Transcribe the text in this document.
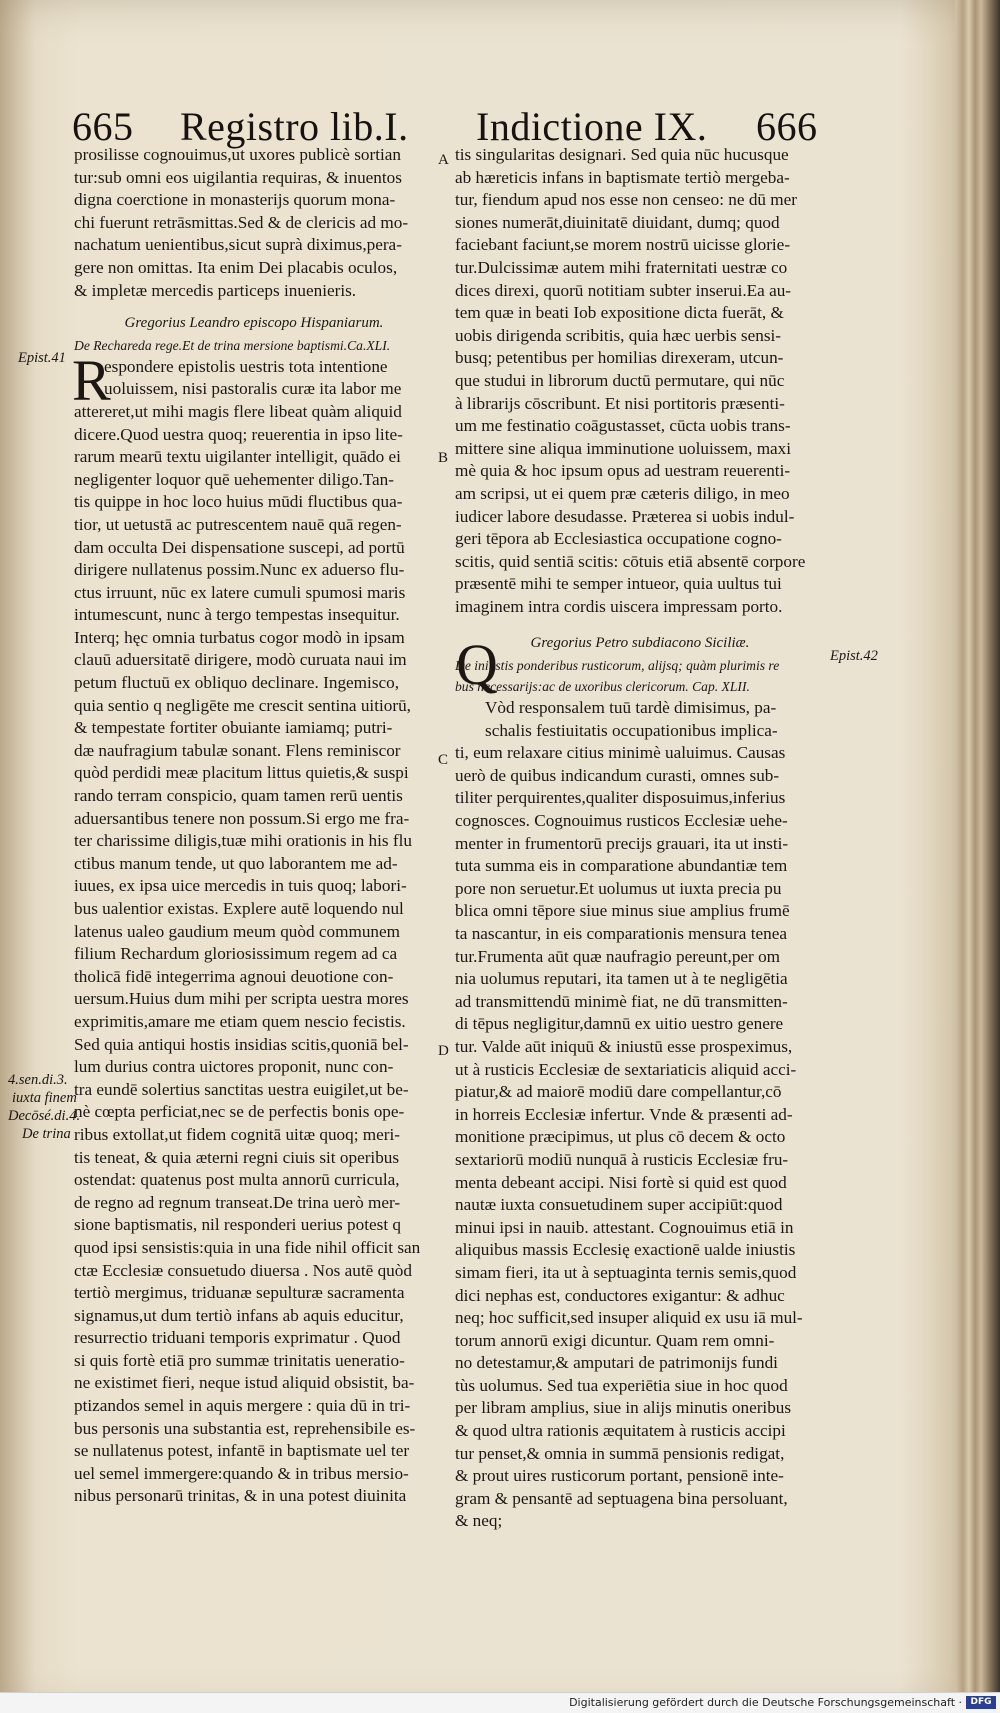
665 Registro lib.I. Indictione IX. 666
prosilisse cognouimus,ut uxores publicè sortian
tur:sub omni eos uigilantia requiras, & inuentos
digna coerctione in monasterijs quorum mona-
chi fuerunt retrāsmittas.Sed & de clericis ad mo-
nachatum uenientibus,sicut suprà diximus,pera-
gere non omittas. Ita enim Dei placabis oculos,
& impletæ mercedis particeps inuenieris.
Gregorius Leandro episcopo Hispaniarum.
De Rechareda rege.Et de trina mersione baptismi.Ca.XLI.
espondere epistolis uestris tota intentione
uoluissem, nisi pastoralis curæ ita labor me
attereret,ut mihi magis flere libeat quàm aliquid
dicere.Quod uestra quoq; reuerentia in ipso lite-
rarum mearū textu uigilanter intelligit, quādo ei
negligenter loquor quē uehementer diligo.Tan-
tis quippe in hoc loco huius mūdi fluctibus qua-
tior, ut uetustā ac putrescentem nauē quā regen-
dam occulta Dei dispensatione suscepi, ad portū
dirigere nullatenus possim.Nunc ex aduerso flu-
ctus irruunt, nūc ex latere cumuli spumosi maris
intumescunt, nunc à tergo tempestas insequitur.
Interq; hęc omnia turbatus cogor modò in ipsam
clauū aduersitatē dirigere, modò curuata naui im
petum fluctuū ex obliquo declinare. Ingemisco,
quia sentio q negligēte me crescit sentina uitiorū,
& tempestate fortiter obuiante iamiamq; putri-
dæ naufragium tabulæ sonant. Flens reminiscor
quòd perdidi meæ placitum littus quietis,& suspi
rando terram conspicio, quam tamen rerū uentis
aduersantibus tenere non possum.Si ergo me fra-
ter charissime diligis,tuæ mihi orationis in his flu
ctibus manum tende, ut quo laborantem me ad-
iuues, ex ipsa uice mercedis in tuis quoq; labori-
bus ualentior existas. Explere autē loquendo nul
latenus ualeo gaudium meum quòd communem
filium Rechardum gloriosissimum regem ad ca
tholicā fidē integerrima agnoui deuotione con-
uersum.Huius dum mihi per scripta uestra mores
exprimitis,amare me etiam quem nescio fecistis.
Sed quia antiqui hostis insidias scitis,quoniā bel-
lum durius contra uictores proponit, nunc con-
tra eundē solertius sanctitas uestra euigilet,ut be-
nè cœpta perficiat,nec se de perfectis bonis ope-
ribus extollat,ut fidem cognitā uitæ quoq; meri-
tis teneat, & quia æterni regni ciuis sit operibus
ostendat: quatenus post multa annorū curricula,
de regno ad regnum transeat.De trina uerò mer-
sione baptismatis, nil responderi uerius potest q
quod ipsi sensistis:quia in una fide nihil officit san
ctæ Ecclesiæ consuetudo diuersa . Nos autē quòd
tertiò mergimus, triduanæ sepulturæ sacramenta
signamus,ut dum tertiò infans ab aquis educitur,
resurrectio triduani temporis exprimatur . Quod
si quis fortè etiā pro summæ trinitatis ueneratio-
ne existimet fieri, neque istud aliquid obsistit, ba-
ptizandos semel in aquis mergere : quia dū in tri-
bus personis una substantia est, reprehensibile es-
se nullatenus potest, infantē in baptismate uel ter
uel semel immergere:quando & in tribus mersio-
nibus personarū trinitas, & in una potest diuinita
R
tis singularitas designari. Sed quia nūc hucusque
ab hæreticis infans in baptismate tertiò mergeba-
tur, fiendum apud nos esse non censeo: ne dū mer
siones numerāt,diuinitatē diuidant, dumq; quod
faciebant faciunt,se morem nostrū uicisse glorie-
tur.Dulcissimæ autem mihi fraternitati uestræ co
dices direxi, quorū notitiam subter inserui.Ea au-
tem quæ in beati Iob expositione dicta fuerāt, &
uobis dirigenda scribitis, quia hæc uerbis sensi-
busq; petentibus per homilias direxeram, utcun-
que studui in librorum ductū permutare, qui nūc
à librarijs cōscribunt. Et nisi portitoris præsenti-
um me festinatio coāgustasset, cūcta uobis trans-
mittere sine aliqua imminutione uoluissem, maxi
mè quia & hoc ipsum opus ad uestram reuerenti-
am scripsi, ut ei quem præ cæteris diligo, in meo
iudicer labore desudasse. Præterea si uobis indul-
geri tēpora ab Ecclesiastica occupatione cogno-
scitis, quid sentiā scitis: cōtuis etiā absentē corpore
præsentē mihi te semper intueor, quia uultus tui
imaginem intra cordis uiscera impressam porto.
Gregorius Petro subdiacono Siciliæ.
De iniustis ponderibus rusticorum, alijsq; quàm plurimis re
bus necessarijs:ac de uxoribus clericorum. Cap. XLII.
Vòd responsalem tuū tardè dimisimus, pa-
schalis festiuitatis occupationibus implica-
ti, eum relaxare citius minimè ualuimus. Causas
uerò de quibus indicandum curasti, omnes sub-
tiliter perquirentes,qualiter disposuimus,inferius
cognosces. Cognouimus rusticos Ecclesiæ uehe-
menter in frumentorū precijs grauari, ita ut insti-
tuta summa eis in comparatione abundantiæ tem
pore non seruetur.Et uolumus ut iuxta precia pu
blica omni tēpore siue minus siue amplius frumē
ta nascantur, in eis comparationis mensura tenea
tur.Frumenta aūt quæ naufragio pereunt,per om
nia uolumus reputari, ita tamen ut à te negligētia
ad transmittendū minimè fiat, ne dū transmitten-
di tēpus negligitur,damnū ex uitio uestro genere
tur. Valde aūt iniquū & iniustū esse prospeximus,
ut à rusticis Ecclesiæ de sextariaticis aliquid acci-
piatur,& ad maiorē modiū dare compellantur,cō
in horreis Ecclesiæ infertur. Vnde & præsenti ad-
monitione præcipimus, ut plus cō decem & octo
sextariorū modiū nunquā à rusticis Ecclesiæ fru-
menta debeant accipi. Nisi fortè si quid est quod
nautæ iuxta consuetudinem super accipiūt:quod
minui ipsi in nauib. attestant. Cognouimus etiā in
aliquibus massis Ecclesię exactionē ualde iniustis
simam fieri, ita ut à septuaginta ternis semis,quod
dici nephas est, conductores exigantur: & adhuc
neq; hoc sufficit,sed insuper aliquid ex usu iā mul-
torum annorū exigi dicuntur. Quam rem omni-
no detestamur,& amputari de patrimonijs fundi
tùs uolumus. Sed tua experiētia siue in hoc quod
per libram amplius, siue in alijs minutis oneribus
& quod ultra rationis æquitatem à rusticis accipi
tur penset,& omnia in summā pensionis redigat,
& prout uires rusticorum portant, pensionē inte-
gram & pensantē ad septuagena bina persoluant,
& neq;
Q
A
B
C
D
Epist.41
Epist.42
4.sen.di.3.
iuxta finem
Decōsé.di.4.
De trina
Digitalisierung gefördert durch die Deutsche Forschungsgemeinschaft · DFG
